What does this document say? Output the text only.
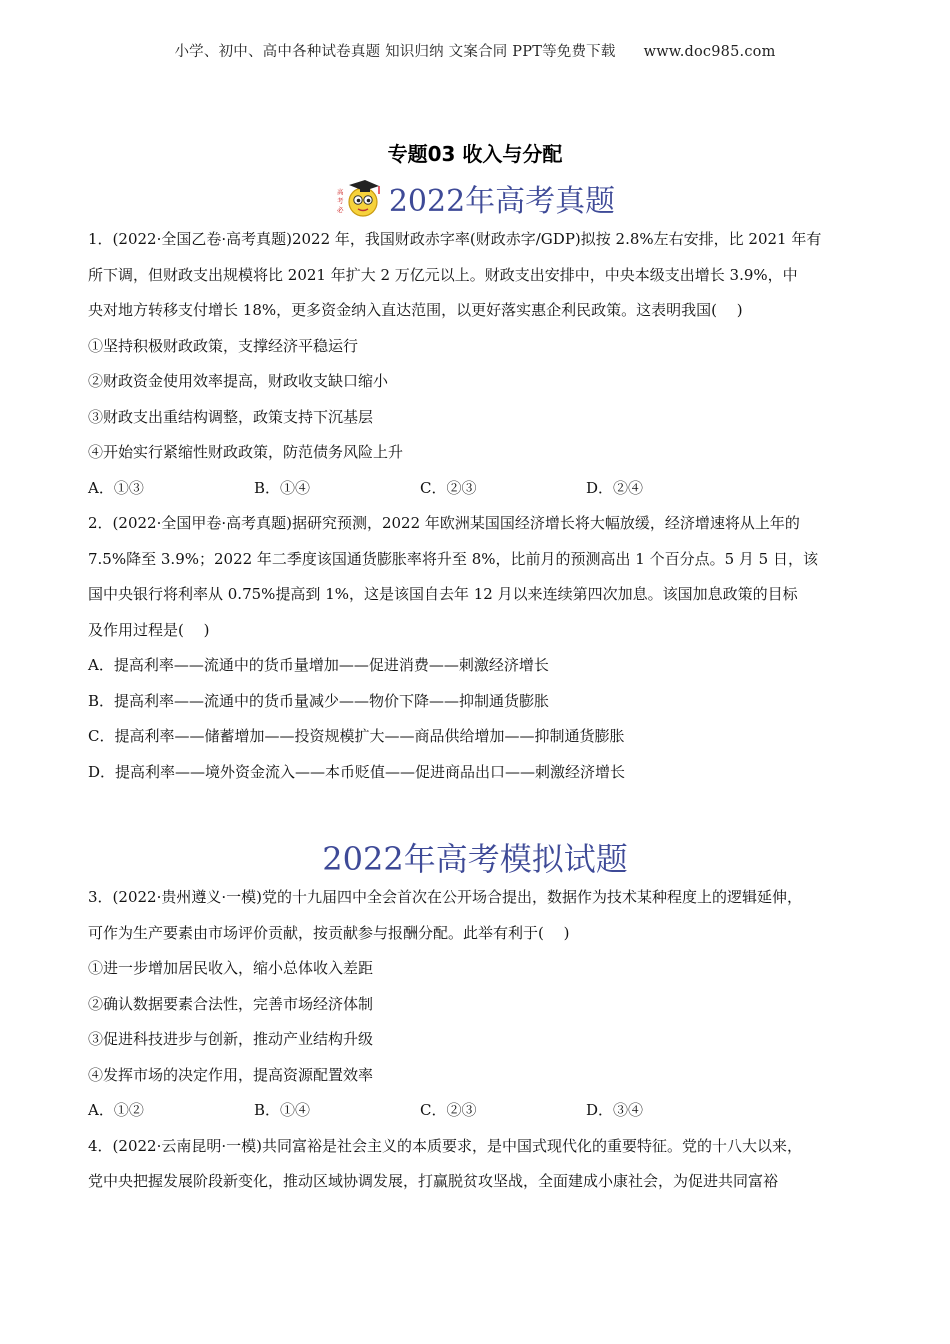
小学、初中、高中各种试卷真题 知识归纳 文案合同 PPT等免费下载 www.doc985.com
专题03 收入与分配
高
考
必 2022年高考真题

1．(2022·全国乙卷·高考真题)2022 年，我国财政赤字率(财政赤字/GDP)拟按 2.8%左右安排，比 2021 年有

所下调，但财政支出规模将比 2021 年扩大 2 万亿元以上。财政支出安排中，中央本级支出增长 3.9%，中

央对地方转移支付增长 18%，更多资金纳入直达范围，以更好落实惠企利民政策。这表明我国(　 )

①坚持积极财政政策，支撑经济平稳运行

②财政资金使用效率提高，财政收支缺口缩小

③财政支出重结构调整，政策支持下沉基层

④开始实行紧缩性财政政策，防范债务风险上升

A．①③	B．①④	C．②③	D．②④

2．(2022·全国甲卷·高考真题)据研究预测，2022 年欧洲某国国经济增长将大幅放缓，经济增速将从上年的

7.5%降至 3.9%；2022 年二季度该国通货膨胀率将升至 8%，比前月的预测高出 1 个百分点。5 月 5 日，该

国中央银行将利率从 0.75%提高到 1%，这是该国自去年 12 月以来连续第四次加息。该国加息政策的目标

及作用过程是(　 )

A．提高利率——流通中的货币量增加——促进消费——刺激经济增长

B．提高利率——流通中的货币量减少——物价下降——抑制通货膨胀

C．提高利率——储蓄增加——投资规模扩大——商品供给增加——抑制通货膨胀

D．提高利率——境外资金流入——本币贬值——促进商品出口——刺激经济增长

2022年高考模拟试题

3．(2022·贵州遵义·一模)党的十九届四中全会首次在公开场合提出，数据作为技术某种程度上的逻辑延伸，

可作为生产要素由市场评价贡献，按贡献参与报酬分配。此举有利于(　 )

①进一步增加居民收入，缩小总体收入差距

②确认数据要素合法性，完善市场经济体制

③促进科技进步与创新，推动产业结构升级

④发挥市场的决定作用，提高资源配置效率

A．①②	B．①④	C．②③	D．③④

4．(2022·云南昆明·一模)共同富裕是社会主义的本质要求，是中国式现代化的重要特征。党的十八大以来，

党中央把握发展阶段新变化，推动区域协调发展，打赢脱贫攻坚战，全面建成小康社会，为促进共同富裕
